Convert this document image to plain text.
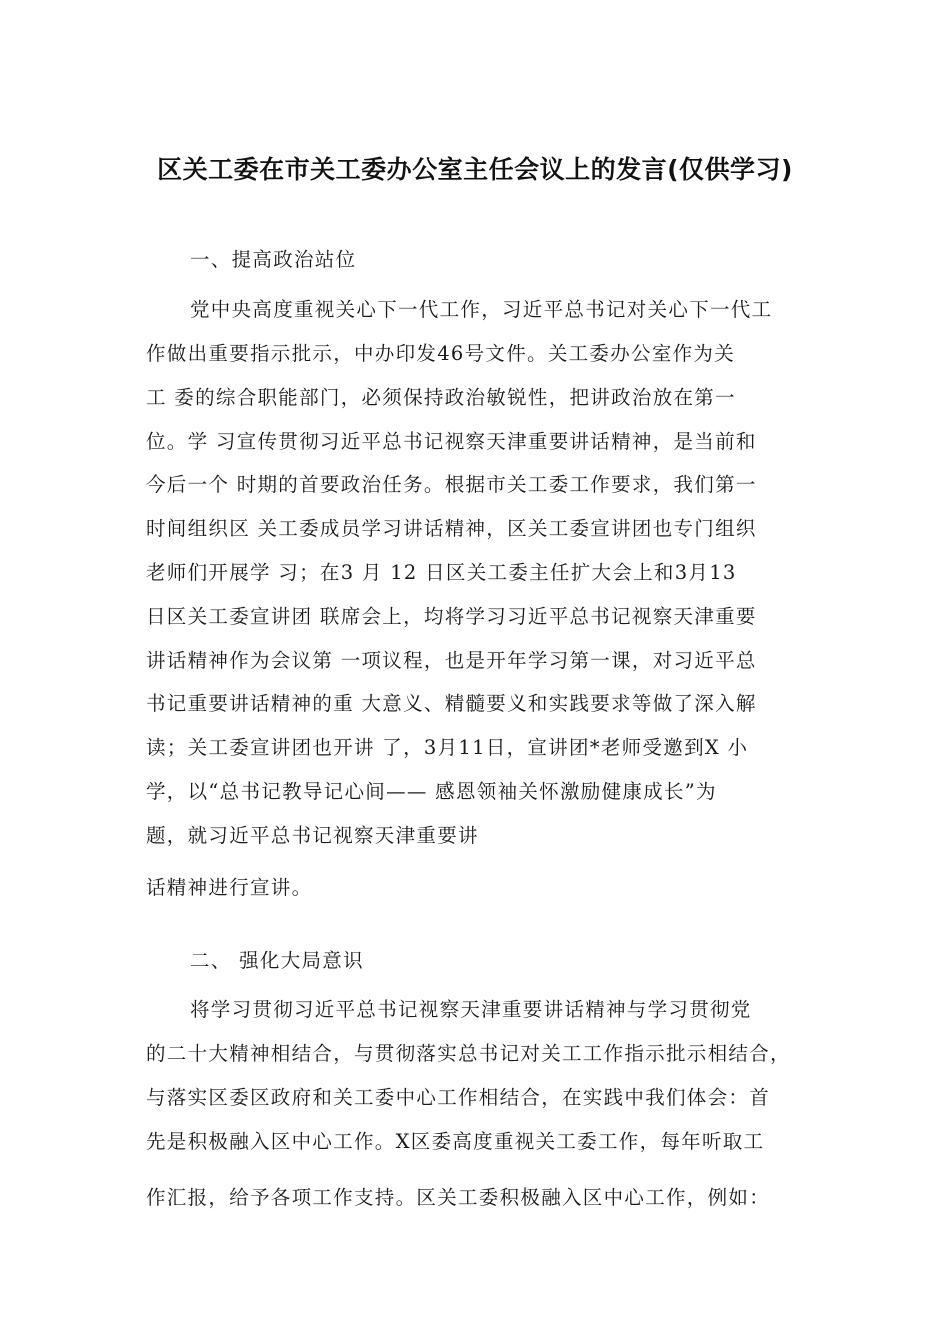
区关工委在市关工委办公室主任会议上的发言(仅供学习)
一、提高政治站位
党中央高度重视关心下一代工作，习近平总书记对关心下一代工
作做出重要指示批示，中办印发46号文件。关工委办公室作为关
工 委的综合职能部门，必须保持政治敏锐性，把讲政治放在第一
位。学 习宣传贯彻习近平总书记视察天津重要讲话精神，是当前和
今后一个 时期的首要政治任务。根据市关工委工作要求，我们第一
时间组织区 关工委成员学习讲话精神，区关工委宣讲团也专门组织
老师们开展学 习；在3 月 12 日区关工委主任扩大会上和3月13
日区关工委宣讲团 联席会上，均将学习习近平总书记视察天津重要
讲话精神作为会议第 一项议程，也是开年学习第一课，对习近平总
书记重要讲话精神的重 大意义、精髓要义和实践要求等做了深入解
读；关工委宣讲团也开讲 了，3月11日，宣讲团*老师受邀到X 小
学，以“总书记教导记心间—— 感恩领袖关怀激励健康成长”为
题，就习近平总书记视察天津重要讲
话精神进行宣讲。
二、 强化大局意识
将学习贯彻习近平总书记视察天津重要讲话精神与学习贯彻党
的二十大精神相结合，与贯彻落实总书记对关工工作指示批示相结合，
与落实区委区政府和关工委中心工作相结合，在实践中我们体会：首
先是积极融入区中心工作。X区委高度重视关工委工作，每年听取工
作汇报，给予各项工作支持。区关工委积极融入区中心工作，例如：
